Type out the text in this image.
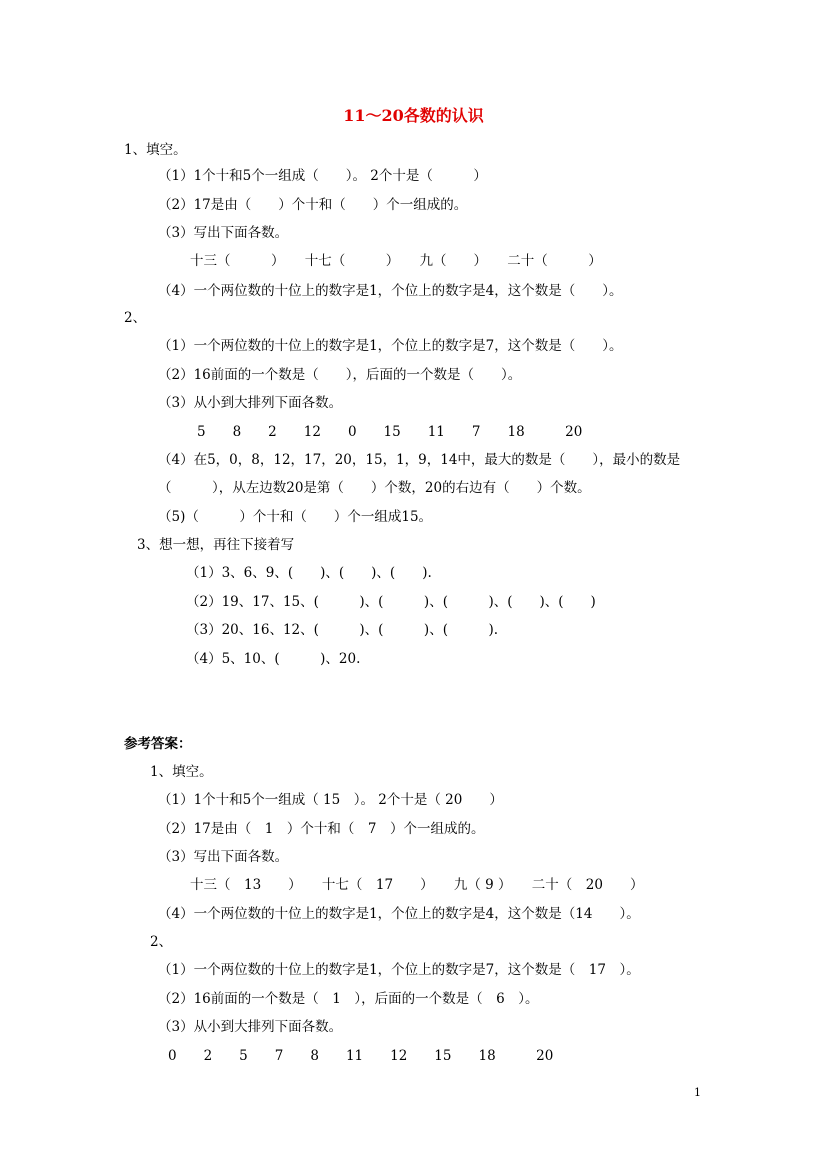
11～20各数的认识
1、填空。
（1）1个十和5个一组成（　　）。 2个十是（　　　）
（2）17是由（　　）个十和（　　）个一组成的。
（3）写出下面各数。
十三（　　　）　　十七（　　　）　　九（　　）　　二十（　　　）
（4）一个两位数的十位上的数字是1，个位上的数字是4，这个数是（　　）。
2、
（1）一个两位数的十位上的数字是1，个位上的数字是7，这个数是（　　）。
（2）16前面的一个数是（　　），后面的一个数是（　　）。
（3）从小到大排列下面各数。
5　　8　　2　　12　　0　　15　　11　　7　　18　　　20
（4）在5，0，8，12，17，20，15，1，9，14中，最大的数是（　　），最小的数是
（　　　），从左边数20是第（　　）个数，20的右边有（　　）个数。
（5)（　　　）个十和（　　）个一组成15。
3、想一想，再往下接着写
（1）3、6、9、(　　)、(　　)、(　　).
（2）19、17、15、(　　　)、(　　　)、(　　　)、(　　)、(　　)
（3）20、16、12、(　　　)、(　　　)、(　　　).
（4）5、10、(　　　)、20.
参考答案：
1、填空。
（1）1个十和5个一组成（ 15　）。 2个十是（ 20　　）
（2）17是由（　1　）个十和（　7　）个一组成的。
（3）写出下面各数。
十三（　13　　）　　十七（　17　　）　　九（ 9 ）　　二十（　20　　）
（4）一个两位数的十位上的数字是1，个位上的数字是4，这个数是（14　　）。
2、
（1）一个两位数的十位上的数字是1，个位上的数字是7，这个数是（　17　）。
（2）16前面的一个数是（　1　），后面的一个数是（　6　）。
（3）从小到大排列下面各数。
0　　2　　5　　7　　8　　11　　12　　15　　18　　　20
1
